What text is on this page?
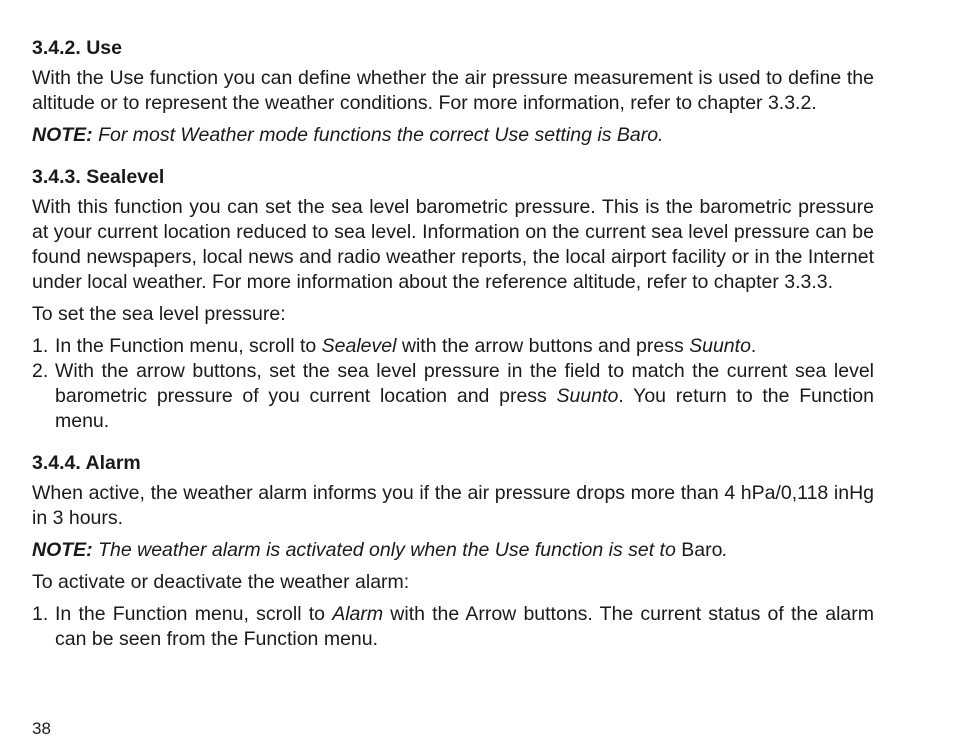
3.4.2. Use

With the Use function you can define whether the air pressure measurement is used to define the altitude or to represent the weather conditions. For more information, refer to chapter 3.3.2.

NOTE: For most Weather mode functions the correct Use setting is Baro.

3.4.3. Sealevel

With this function you can set the sea level barometric pressure. This is the barometric pressure at your current location reduced to sea level. Information on the current sea level pressure can be found newspapers, local news and radio weather reports, the local airport facility or in the Internet under local weather. For more information about the reference altitude, refer to chapter 3.3.3.

To set the sea level pressure:

1. In the Function menu, scroll to Sealevel with the arrow buttons and press Suunto.
2. With the arrow buttons, set the sea level pressure in the field to match the current sea level barometric pressure of you current location and press Suunto. You return to the Function menu.
3.4.4. Alarm

When active, the weather alarm informs you if the air pressure drops more than 4 hPa/0,118 inHg in 3 hours.

NOTE: The weather alarm is activated only when the Use function is set to Baro.

To activate or deactivate the weather alarm:

1. In the Function menu, scroll to Alarm with the Arrow buttons. The current status of the alarm can be seen from the Function menu.
38
